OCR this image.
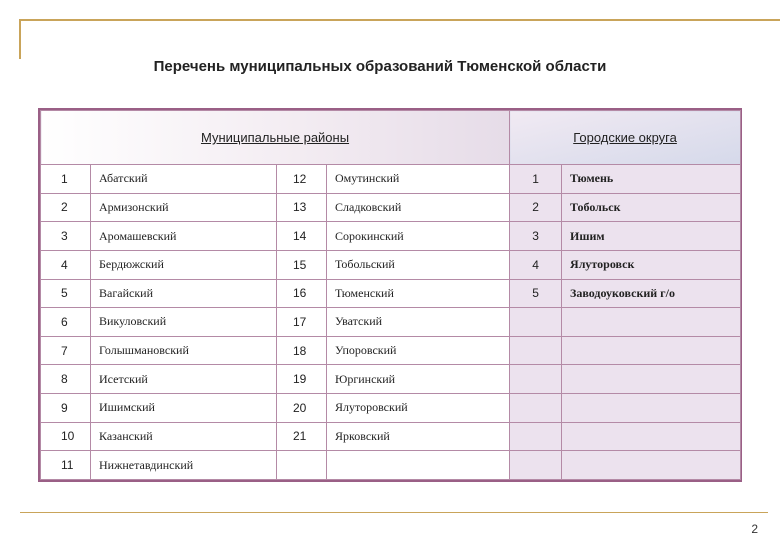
Перечень муниципальных образований Тюменской области
Муниципальные районы				Городские округа	
1	Абатский	12	Омутинский	1	Тюмень
2	Армизонский	13	Сладковский	2	Тобольск
3	Аромашевский	14	Сорокинский	3	Ишим
4	Бердюжский	15	Тобольский	4	Ялуторовск
5	Вагайский	16	Тюменский	5	Заводоуковский г/о
6	Викуловский	17	Уватский		
7	Голышмановский	18	Упоровский		
8	Исетский	19	Юргинский		
9	Ишимский	20	Ялуторовский		
10	Казанский	21	Ярковский		
11	Нижнетавдинский				
2
